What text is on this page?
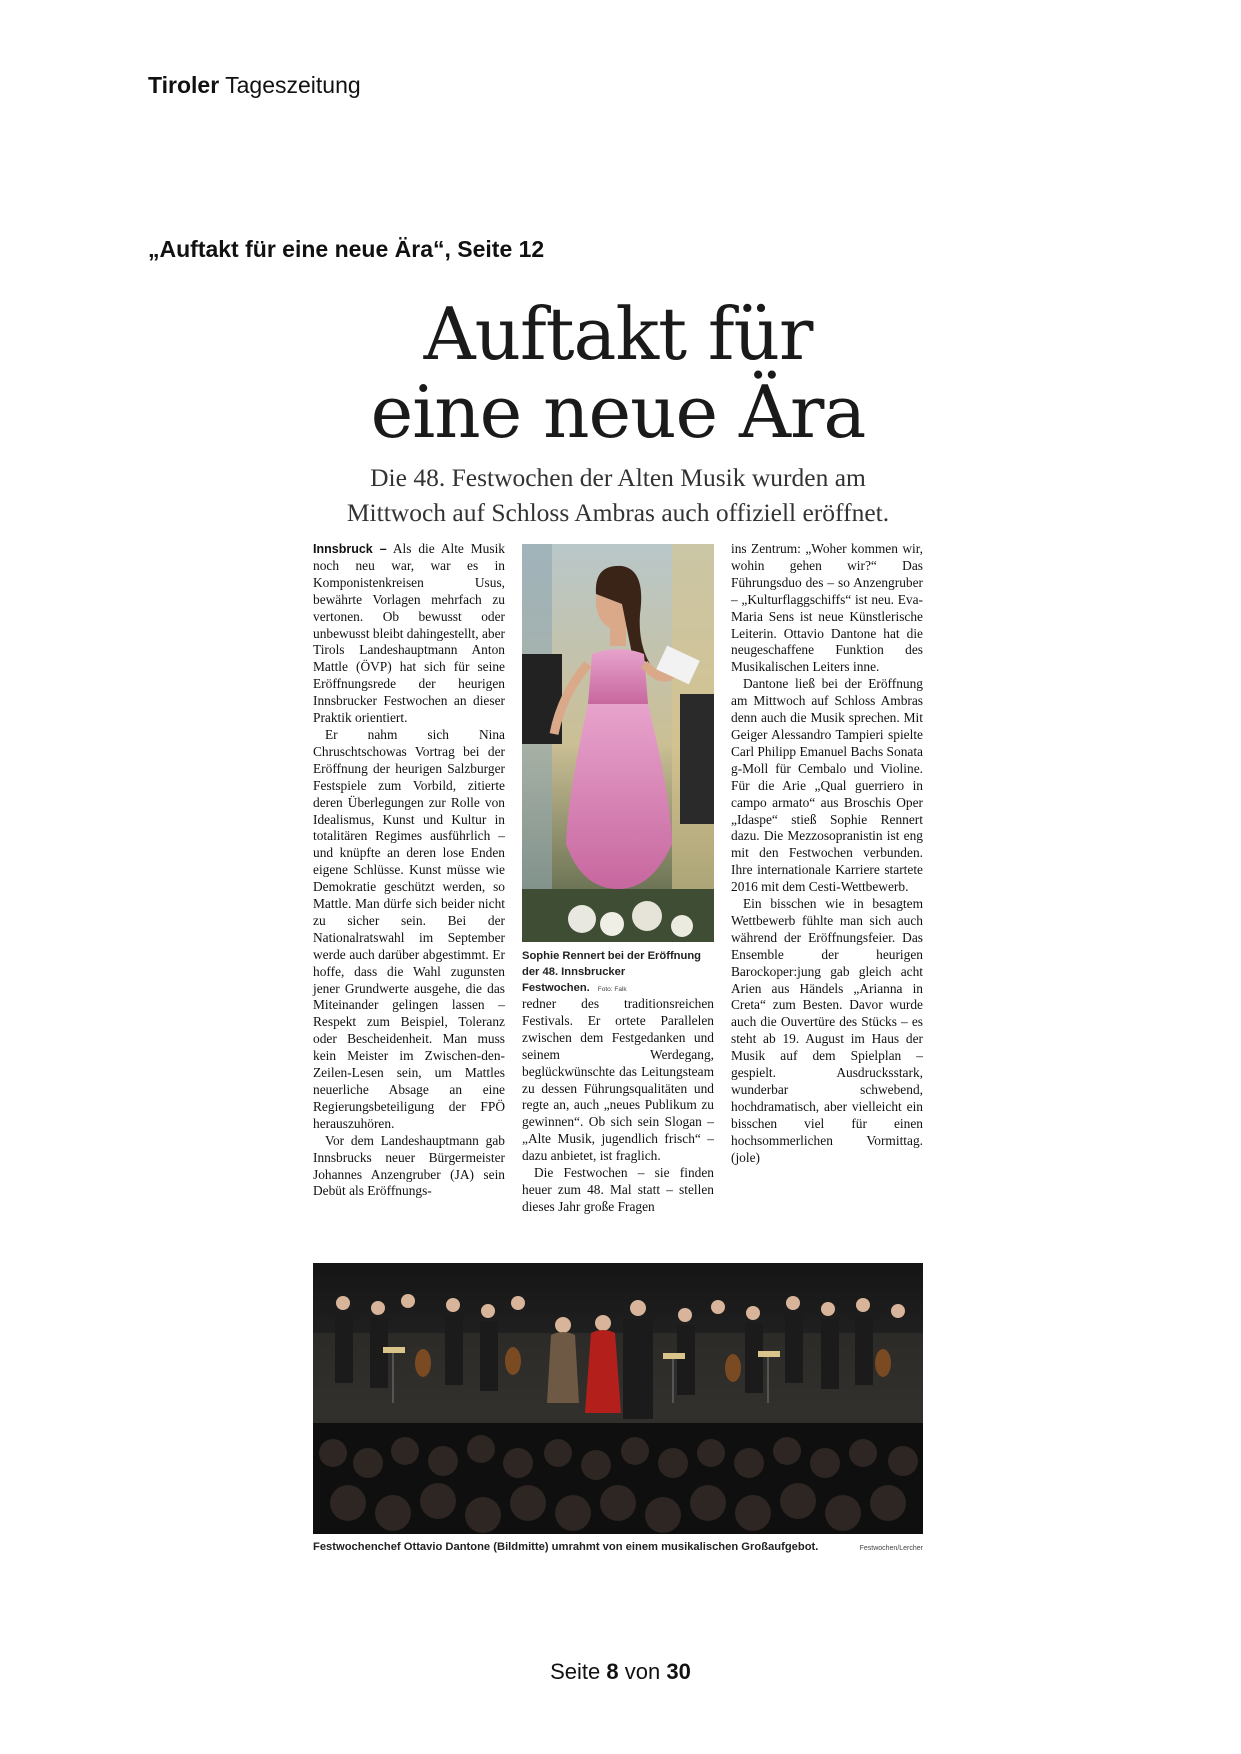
Tiroler Tageszeitung
„Auftakt für eine neue Ära“, Seite 12
Auftakt für
eine neue Ära
Die 48. Festwochen der Alten Musik wurden am
Mittwoch auf Schloss Ambras auch offiziell eröffnet.

Innsbruck – Als die Alte Musik noch neu war, war es in Komponistenkreisen Usus, bewährte Vorlagen mehrfach zu vertonen. Ob bewusst oder unbewusst bleibt dahingestellt, aber Tirols Landeshauptmann Anton Mattle (ÖVP) hat sich für seine Eröffnungsrede der heurigen Innsbrucker Festwochen an dieser Praktik orientiert.

Er nahm sich Nina Chruschtschowas Vortrag bei der Eröffnung der heurigen Salzburger Festspiele zum Vorbild, zitierte deren Überlegungen zur Rolle von Idealismus, Kunst und Kultur in totalitären Regimes ausführlich – und knüpfte an deren lose Enden eigene Schlüsse. Kunst müsse wie Demokratie geschützt werden, so Mattle. Man dürfe sich beider nicht zu sicher sein. Bei der Nationalratswahl im September werde auch darüber abgestimmt. Er hoffe, dass die Wahl zugunsten jener Grundwerte ausgehe, die das Miteinander gelingen lassen – Respekt zum Beispiel, Toleranz oder Bescheidenheit. Man muss kein Meister im Zwischen-den-Zeilen-Lesen sein, um Mattles neuerliche Absage an eine Regierungsbeteiligung der FPÖ herauszuhören.

Vor dem Landeshauptmann gab Innsbrucks neuer Bürgermeister Johannes Anzengruber (JA) sein Debüt als Eröffnungs-

Sophie Rennert bei der Eröffnung der 48. Innsbrucker Festwochen. Foto: Falk

redner des traditionsreichen Festivals. Er ortete Parallelen zwischen dem Festgedanken und seinem Werdegang, beglückwünschte das Leitungsteam zu dessen Führungsqualitäten und regte an, auch „neues Publikum zu gewinnen“. Ob sich sein Slogan – „Alte Musik, jugendlich frisch“ – dazu anbietet, ist fraglich.

Die Festwochen – sie finden heuer zum 48. Mal statt – stellen dieses Jahr große Fragen

ins Zentrum: „Woher kommen wir, wohin gehen wir?“ Das Führungsduo des – so Anzengruber – „Kulturflaggschiffs“ ist neu. Eva-Maria Sens ist neue Künstlerische Leiterin. Ottavio Dantone hat die neugeschaffene Funktion des Musikalischen Leiters inne.

Dantone ließ bei der Eröffnung am Mittwoch auf Schloss Ambras denn auch die Musik sprechen. Mit Geiger Alessandro Tampieri spielte Carl Philipp Emanuel Bachs Sonata g-Moll für Cembalo und Violine. Für die Arie „Qual guerriero in campo armato“ aus Broschis Oper „Idaspe“ stieß Sophie Rennert dazu. Die Mezzosopranistin ist eng mit den Festwochen verbunden. Ihre internationale Karriere startete 2016 mit dem Cesti-Wettbewerb.

Ein bisschen wie in besagtem Wettbewerb fühlte man sich auch während der Eröffnungsfeier. Das Ensemble der heurigen Barockoper:jung gab gleich acht Arien aus Händels „Arianna in Creta“ zum Besten. Davor wurde auch die Ouvertüre des Stücks – es steht ab 19. August im Haus der Musik auf dem Spielplan – gespielt. Ausdrucksstark, wunderbar schwebend, hochdramatisch, aber vielleicht ein bisschen viel für einen hochsommerlichen Vormittag. (jole)

Festwochenchef Ottavio Dantone (Bildmitte) umrahmt von einem musikalischen Großaufgebot.	Festwochen/Lercher
Seite 8 von 30
